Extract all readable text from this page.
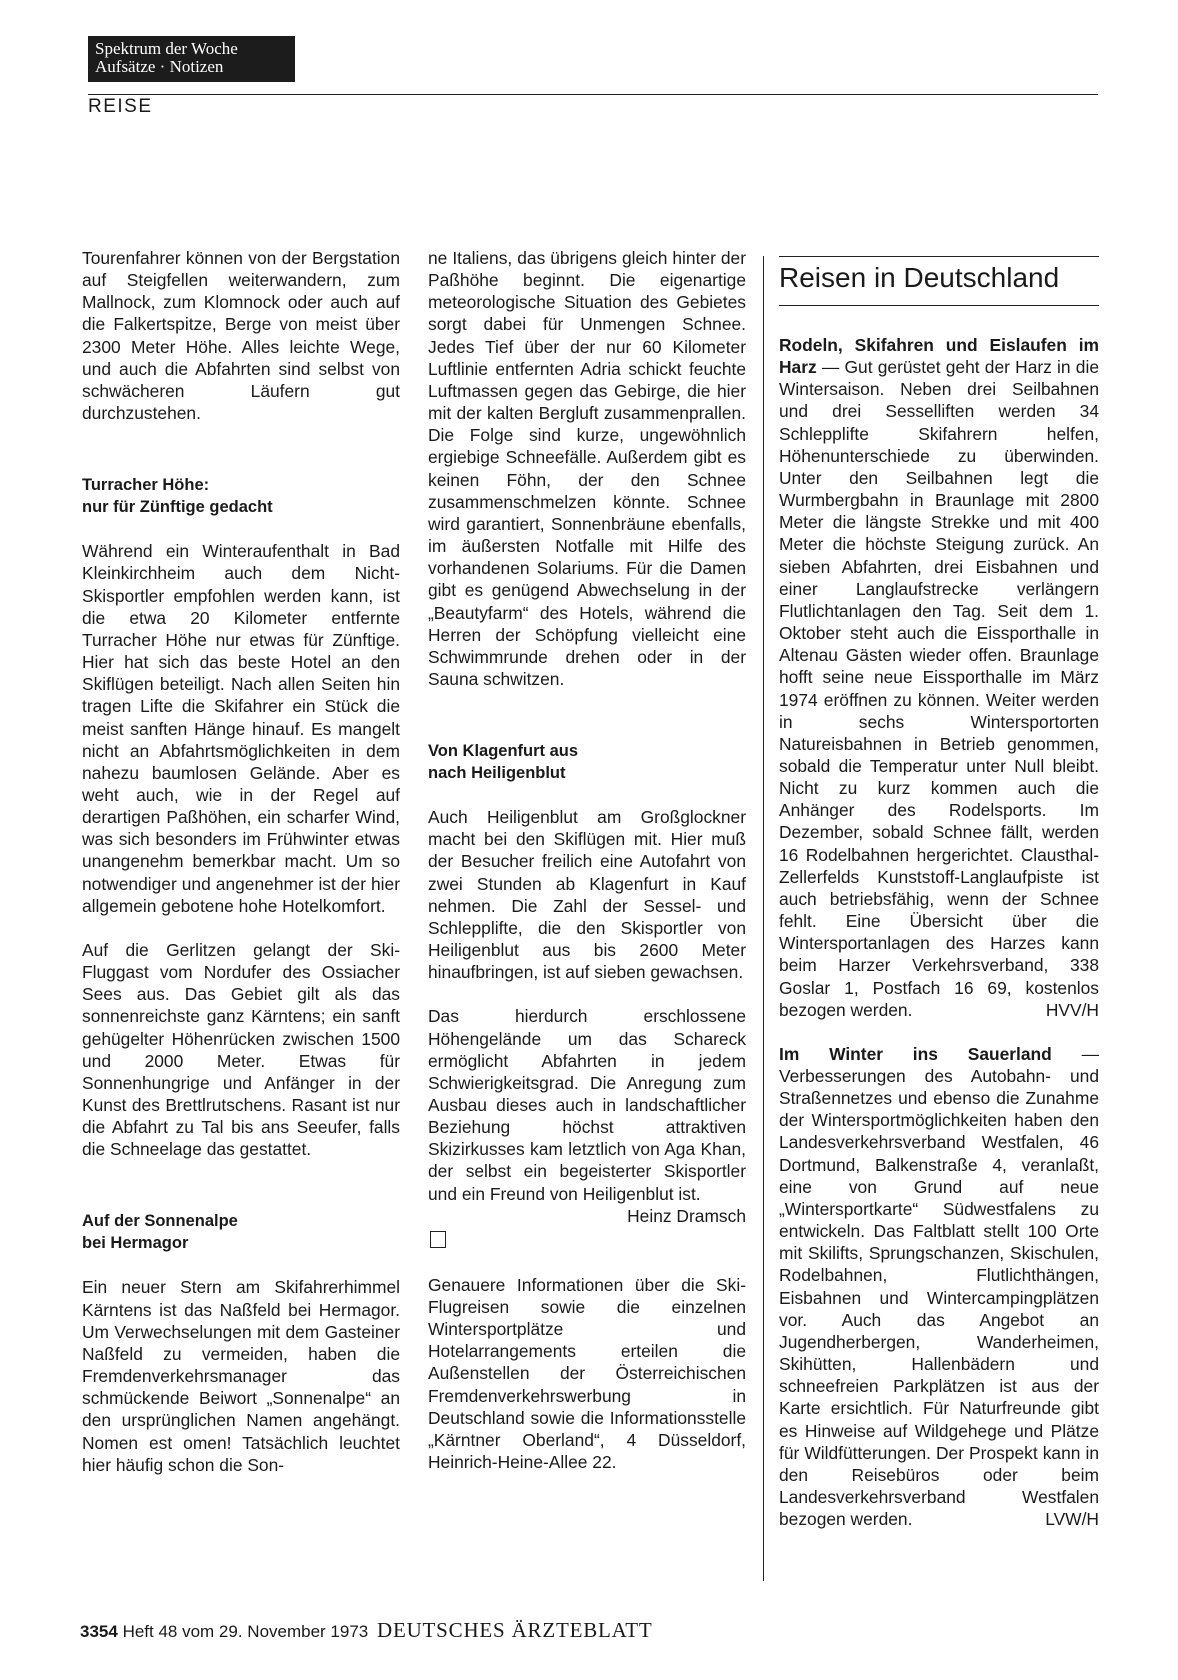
Spektrum der Woche
Aufsätze · Notizen
REISE

Tourenfahrer können von der Bergstation auf Steigfellen weiterwandern, zum Mallnock, zum Klomnock oder auch auf die Falkertspitze, Berge von meist über 2300 Meter Höhe. Alles leichte Wege, und auch die Abfahrten sind selbst von schwächeren Läufern gut durchzustehen.

Turracher Höhe:
nur für Zünftige gedacht

Während ein Winteraufenthalt in Bad Kleinkirchheim auch dem Nicht-Skisportler empfohlen werden kann, ist die etwa 20 Kilometer entfernte Turracher Höhe nur etwas für Zünftige. Hier hat sich das beste Hotel an den Skiflügen beteiligt. Nach allen Seiten hin tragen Lifte die Skifahrer ein Stück die meist sanften Hänge hinauf. Es mangelt nicht an Abfahrtsmöglichkeiten in dem nahezu baumlosen Gelände. Aber es weht auch, wie in der Regel auf derartigen Paßhöhen, ein scharfer Wind, was sich besonders im Frühwinter etwas unangenehm bemerkbar macht. Um so notwendiger und angenehmer ist der hier allgemein gebotene hohe Hotelkomfort.

Auf die Gerlitzen gelangt der Ski-Fluggast vom Nordufer des Ossiacher Sees aus. Das Gebiet gilt als das sonnenreichste ganz Kärntens; ein sanft gehügelter Höhenrücken zwischen 1500 und 2000 Meter. Etwas für Sonnenhungrige und Anfänger in der Kunst des Brettlrutschens. Rasant ist nur die Abfahrt zu Tal bis ans Seeufer, falls die Schneelage das gestattet.

Auf der Sonnenalpe
bei Hermagor

Ein neuer Stern am Skifahrerhimmel Kärntens ist das Naßfeld bei Hermagor. Um Verwechselungen mit dem Gasteiner Naßfeld zu vermeiden, haben die Fremdenverkehrsmanager das schmückende Beiwort „Sonnenalpe“ an den ursprünglichen Namen angehängt. Nomen est omen! Tatsächlich leuchtet hier häufig schon die Son-

ne Italiens, das übrigens gleich hinter der Paßhöhe beginnt. Die eigenartige meteorologische Situation des Gebietes sorgt dabei für Unmengen Schnee. Jedes Tief über der nur 60 Kilometer Luftlinie entfernten Adria schickt feuchte Luftmassen gegen das Gebirge, die hier mit der kalten Bergluft zusammenprallen. Die Folge sind kurze, ungewöhnlich ergiebige Schneefälle. Außerdem gibt es keinen Föhn, der den Schnee zusammenschmelzen könnte. Schnee wird garantiert, Sonnenbräune ebenfalls, im äußersten Notfalle mit Hilfe des vorhandenen Solariums. Für die Damen gibt es genügend Abwechselung in der „Beautyfarm“ des Hotels, während die Herren der Schöpfung vielleicht eine Schwimmrunde drehen oder in der Sauna schwitzen.

Von Klagenfurt aus
nach Heiligenblut

Auch Heiligenblut am Großglockner macht bei den Skiflügen mit. Hier muß der Besucher freilich eine Autofahrt von zwei Stunden ab Klagenfurt in Kauf nehmen. Die Zahl der Sessel- und Schlepplifte, die den Skisportler von Heiligenblut aus bis 2600 Meter hinaufbringen, ist auf sieben gewachsen.

Das hierdurch erschlossene Höhengelände um das Schareck ermöglicht Abfahrten in jedem Schwierigkeitsgrad. Die Anregung zum Ausbau dieses auch in landschaftlicher Beziehung höchst attraktiven Skizirkusses kam letztlich von Aga Khan, der selbst ein begeisterter Skisportler und ein Freund von Heiligenblut ist.
Heinz Dramsch

Genauere Informationen über die Ski-Flugreisen sowie die einzelnen Wintersportplätze und Hotelarrangements erteilen die Außenstellen der Österreichischen Fremdenverkehrswerbung in Deutschland sowie die Informationsstelle „Kärntner Oberland“, 4 Düsseldorf, Heinrich-Heine-Allee 22.

Reisen in Deutschland

Rodeln, Skifahren und Eislaufen im Harz — Gut gerüstet geht der Harz in die Wintersaison. Neben drei Seilbahnen und drei Sesselliften werden 34 Schlepplifte Skifahrern helfen, Höhenunterschiede zu überwinden. Unter den Seilbahnen legt die Wurmbergbahn in Braunlage mit 2800 Meter die längste Strekke und mit 400 Meter die höchste Steigung zurück. An sieben Abfahrten, drei Eisbahnen und einer Langlaufstrecke verlängern Flutlichtanlagen den Tag. Seit dem 1. Oktober steht auch die Eissporthalle in Altenau Gästen wieder offen. Braunlage hofft seine neue Eissporthalle im März 1974 eröffnen zu können. Weiter werden in sechs Wintersportorten Natureisbahnen in Betrieb genommen, sobald die Temperatur unter Null bleibt. Nicht zu kurz kommen auch die Anhänger des Rodelsports. Im Dezember, sobald Schnee fällt, werden 16 Rodelbahnen hergerichtet. Clausthal-Zellerfelds Kunststoff-Langlaufpiste ist auch betriebsfähig, wenn der Schnee fehlt. Eine Übersicht über die Wintersportanlagen des Harzes kann beim Harzer Verkehrsverband, 338 Goslar 1, Postfach 16 69, kostenlos bezogen werden.	HVV/H

Im Winter ins Sauerland — Verbesserungen des Autobahn- und Straßennetzes und ebenso die Zunahme der Wintersportmöglichkeiten haben den Landesverkehrsverband Westfalen, 46 Dortmund, Balkenstraße 4, veranlaßt, eine von Grund auf neue „Wintersportkarte“ Südwestfalens zu entwickeln. Das Faltblatt stellt 100 Orte mit Skilifts, Sprungschanzen, Skischulen, Rodelbahnen, Flutlichthängen, Eisbahnen und Wintercampingplätzen vor. Auch das Angebot an Jugendherbergen, Wanderheimen, Skihütten, Hallenbädern und schneefreien Parkplätzen ist aus der Karte ersichtlich. Für Naturfreunde gibt es Hinweise auf Wildgehege und Plätze für Wildfütterungen. Der Prospekt kann in den Reisebüros oder beim Landesverkehrsverband Westfalen bezogen werden.	LVW/H

3354 Heft 48 vom 29. November 1973 DEUTSCHES ÄRZTEBLATT
